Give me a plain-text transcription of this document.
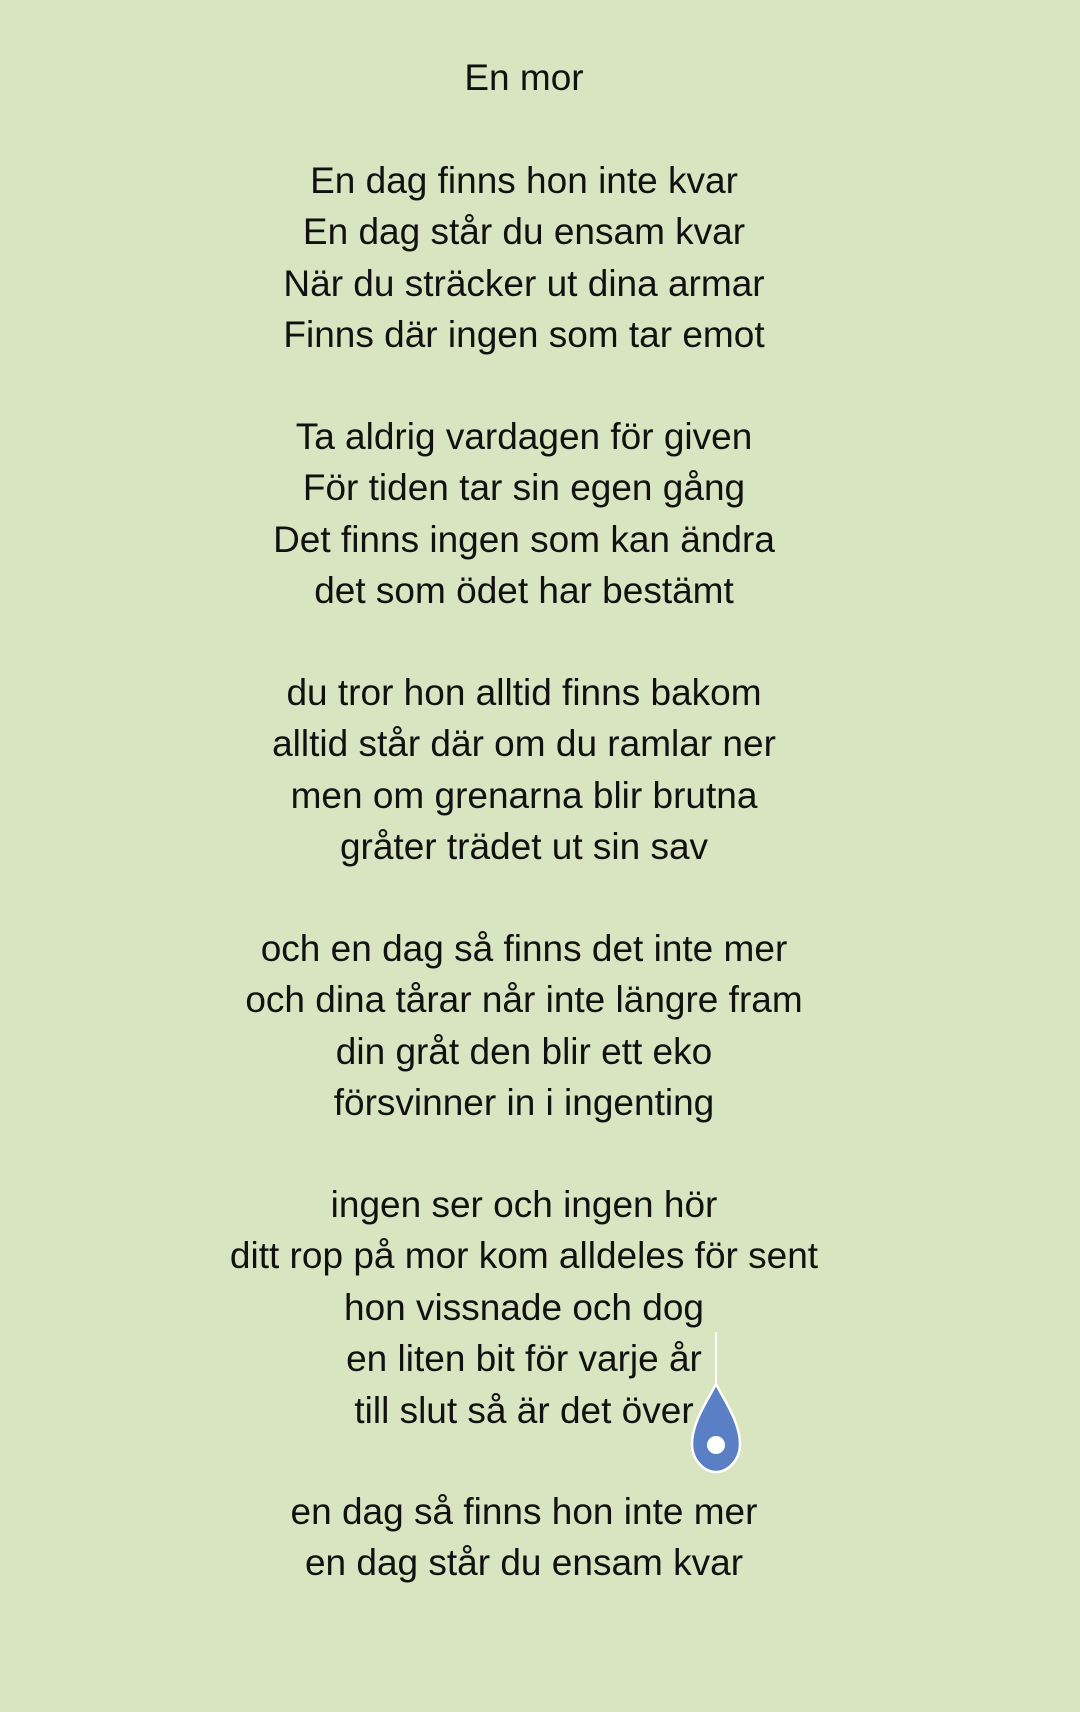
En mor
En dag finns hon inte kvar
En dag står du ensam kvar
När du sträcker ut dina armar
Finns där ingen som tar emot
Ta aldrig vardagen för given
För tiden tar sin egen gång
Det finns ingen som kan ändra
det som ödet har bestämt
du tror hon alltid finns bakom
alltid står där om du ramlar ner
men om grenarna blir brutna
gråter trädet ut sin sav
och en dag så finns det inte mer
och dina tårar når inte längre fram
din gråt den blir ett eko
försvinner in i ingenting
ingen ser och ingen hör
ditt rop på mor kom alldeles för sent
hon vissnade och dog
en liten bit för varje år
till slut så är det över
en dag så finns hon inte mer
en dag står du ensam kvar
